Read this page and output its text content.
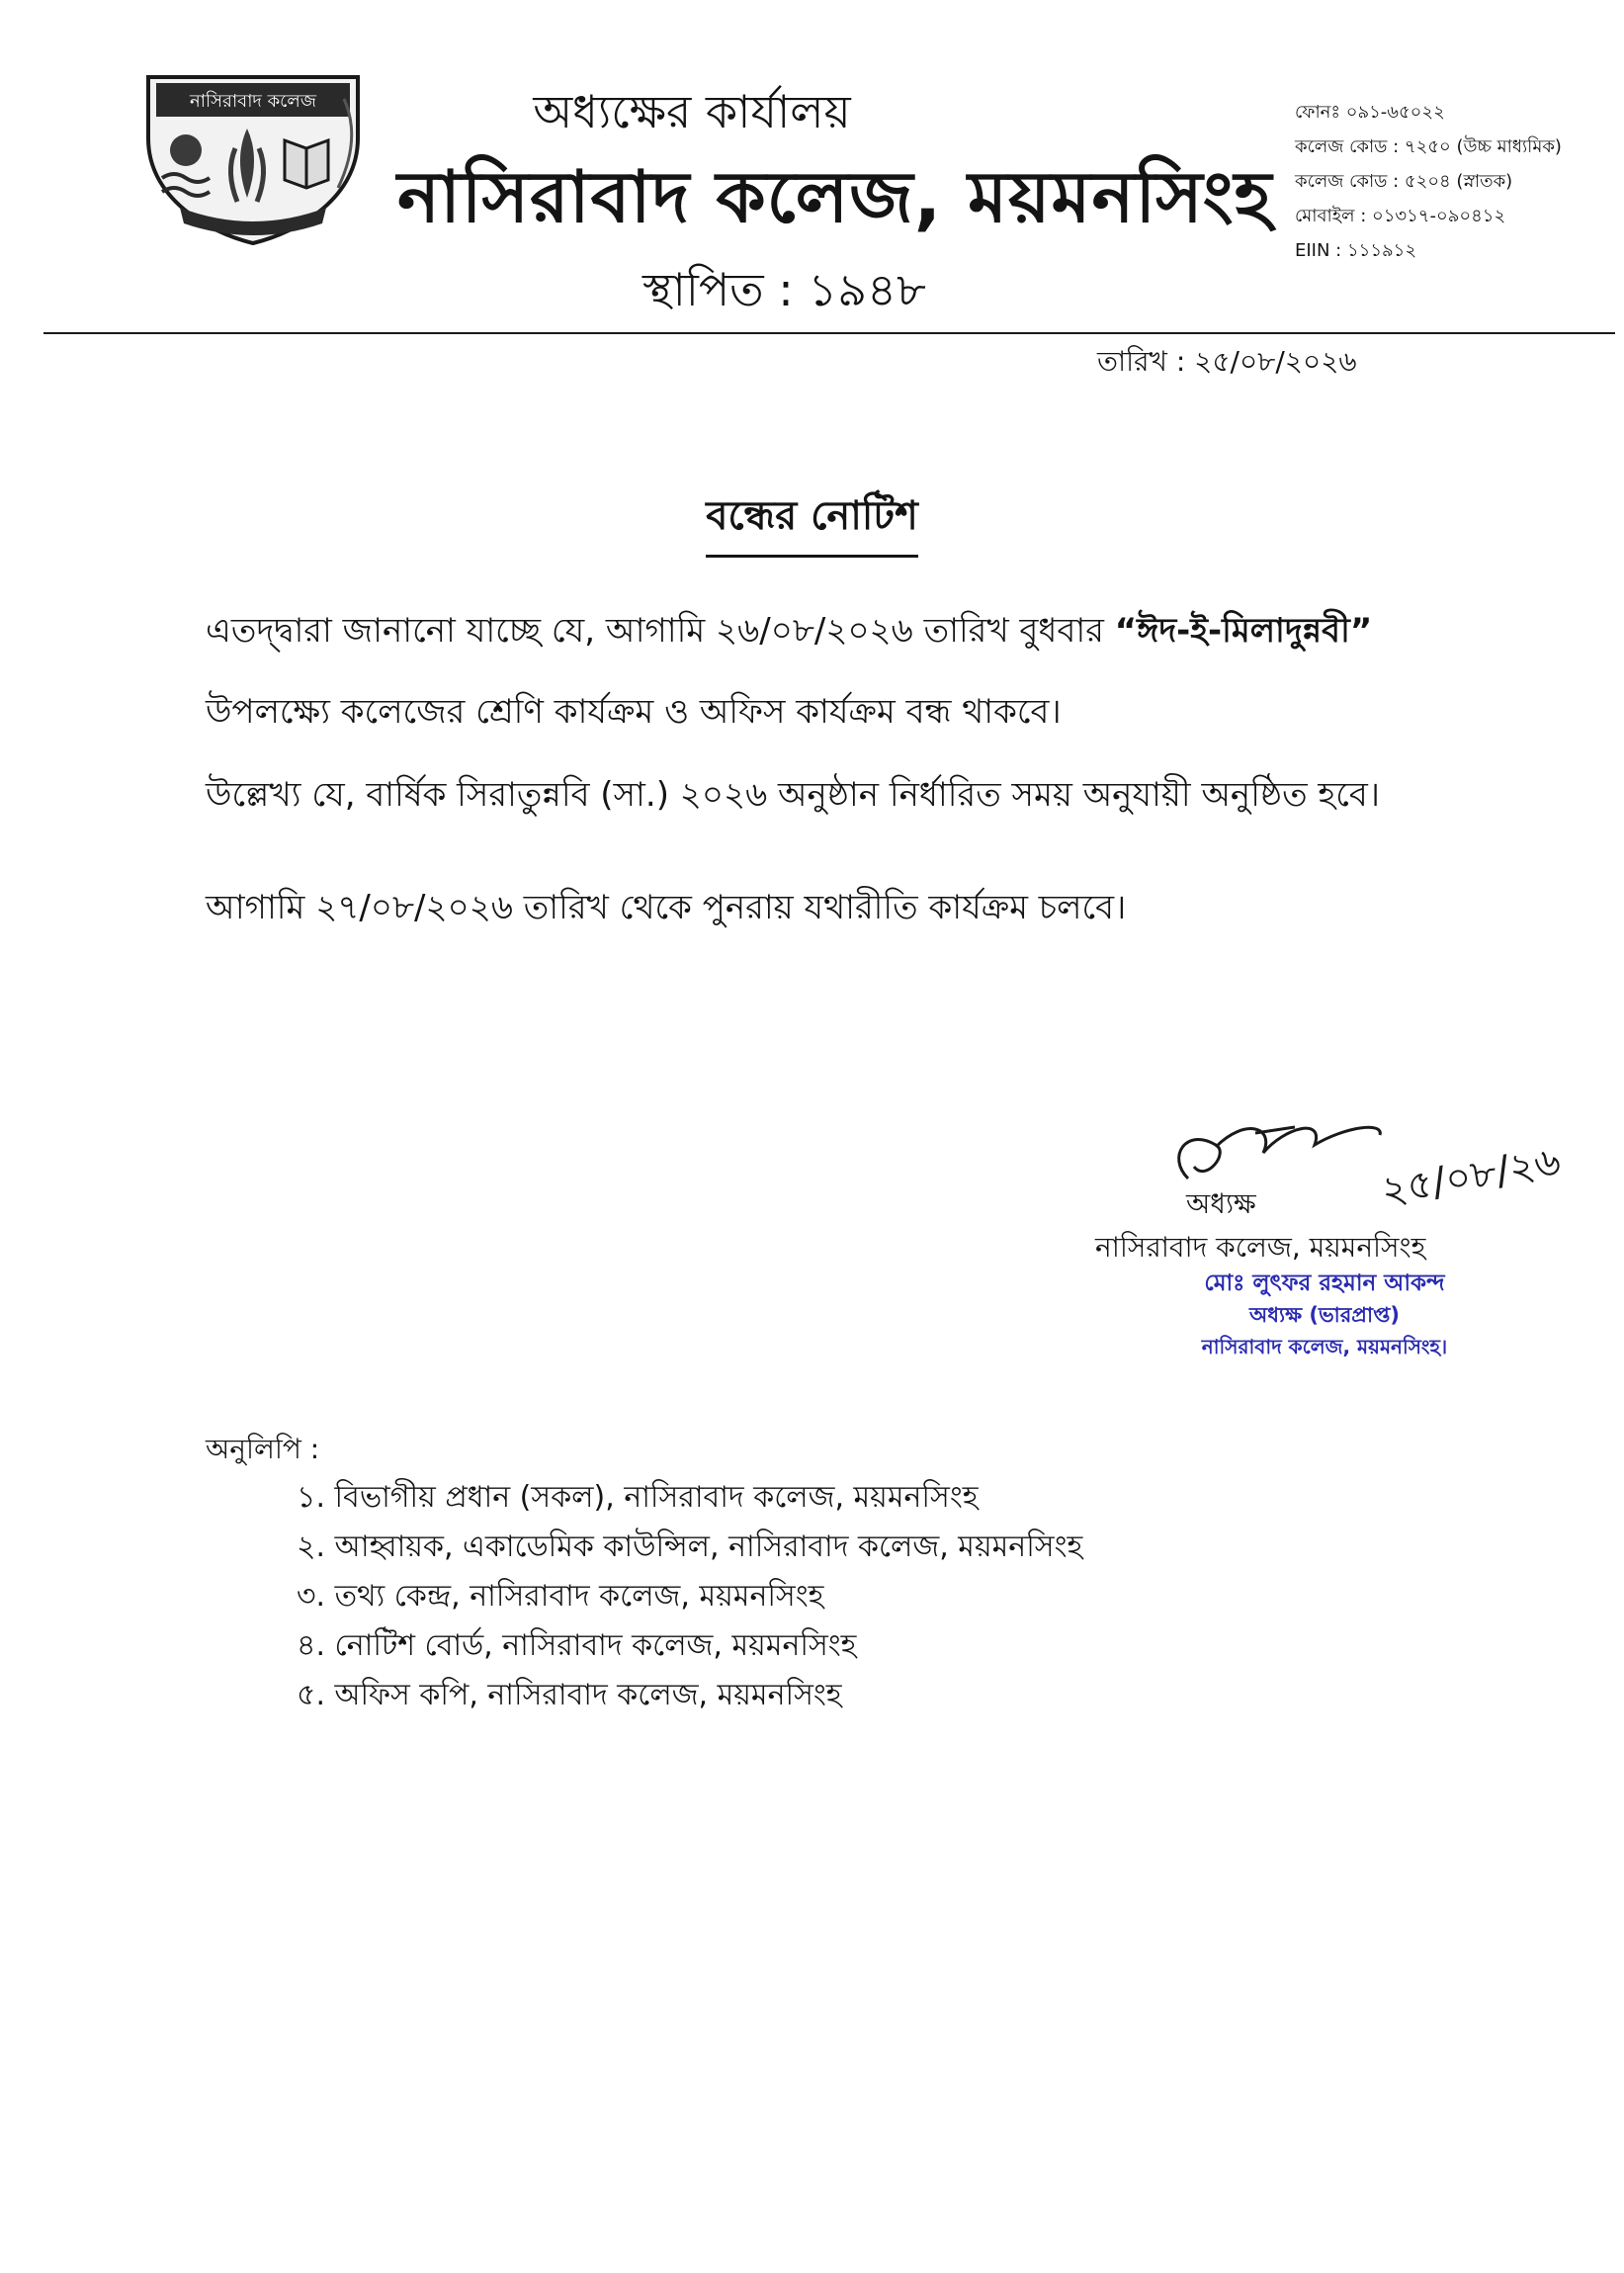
নাসিরাবাদ কলেজ	অধ্যক্ষের কার্যালয়
নাসিরাবাদ কলেজ, ময়মনসিংহ
স্থাপিত : ১৯৪৮
ফোনঃ ০৯১-৬৫০২২
কলেজ কোড : ৭২৫০ (উচ্চ মাধ্যমিক)
কলেজ কোড : ৫২০৪ (স্নাতক)
মোবাইল : ০১৩১৭-০৯০৪১২
EIIN : ১১১৯১২
তারিখ : ২৫/০৮/২০২৬
বন্ধের নোটিশ
এতদ্দ্বারা জানানো যাচ্ছে যে, আগামি ২৬/০৮/২০২৬ তারিখ বুধবার “ঈদ-ই-মিলাদুন্নবী”
উপলক্ষ্যে কলেজের শ্রেণি কার্যক্রম ও অফিস কার্যক্রম বন্ধ থাকবে।
উল্লেখ্য যে, বার্ষিক সিরাতুন্নবি (সা.) ২০২৬ অনুষ্ঠান নির্ধারিত সময় অনুযায়ী অনুষ্ঠিত হবে।
আগামি ২৭/০৮/২০২৬ তারিখ থেকে পুনরায় যথারীতি কার্যক্রম চলবে।
২৫/০৮/২৬
অধ্যক্ষ
নাসিরাবাদ কলেজ, ময়মনসিংহ
মোঃ লুৎফর রহমান আকন্দ
অধ্যক্ষ (ভারপ্রাপ্ত)
নাসিরাবাদ কলেজ, ময়মনসিংহ।
অনুলিপি :
১. বিভাগীয় প্রধান (সকল), নাসিরাবাদ কলেজ, ময়মনসিংহ
২. আহ্বায়ক, একাডেমিক কাউন্সিল, নাসিরাবাদ কলেজ, ময়মনসিংহ
৩. তথ্য কেন্দ্র, নাসিরাবাদ কলেজ, ময়মনসিংহ
৪. নোটিশ বোর্ড, নাসিরাবাদ কলেজ, ময়মনসিংহ
৫. অফিস কপি, নাসিরাবাদ কলেজ, ময়মনসিংহ
